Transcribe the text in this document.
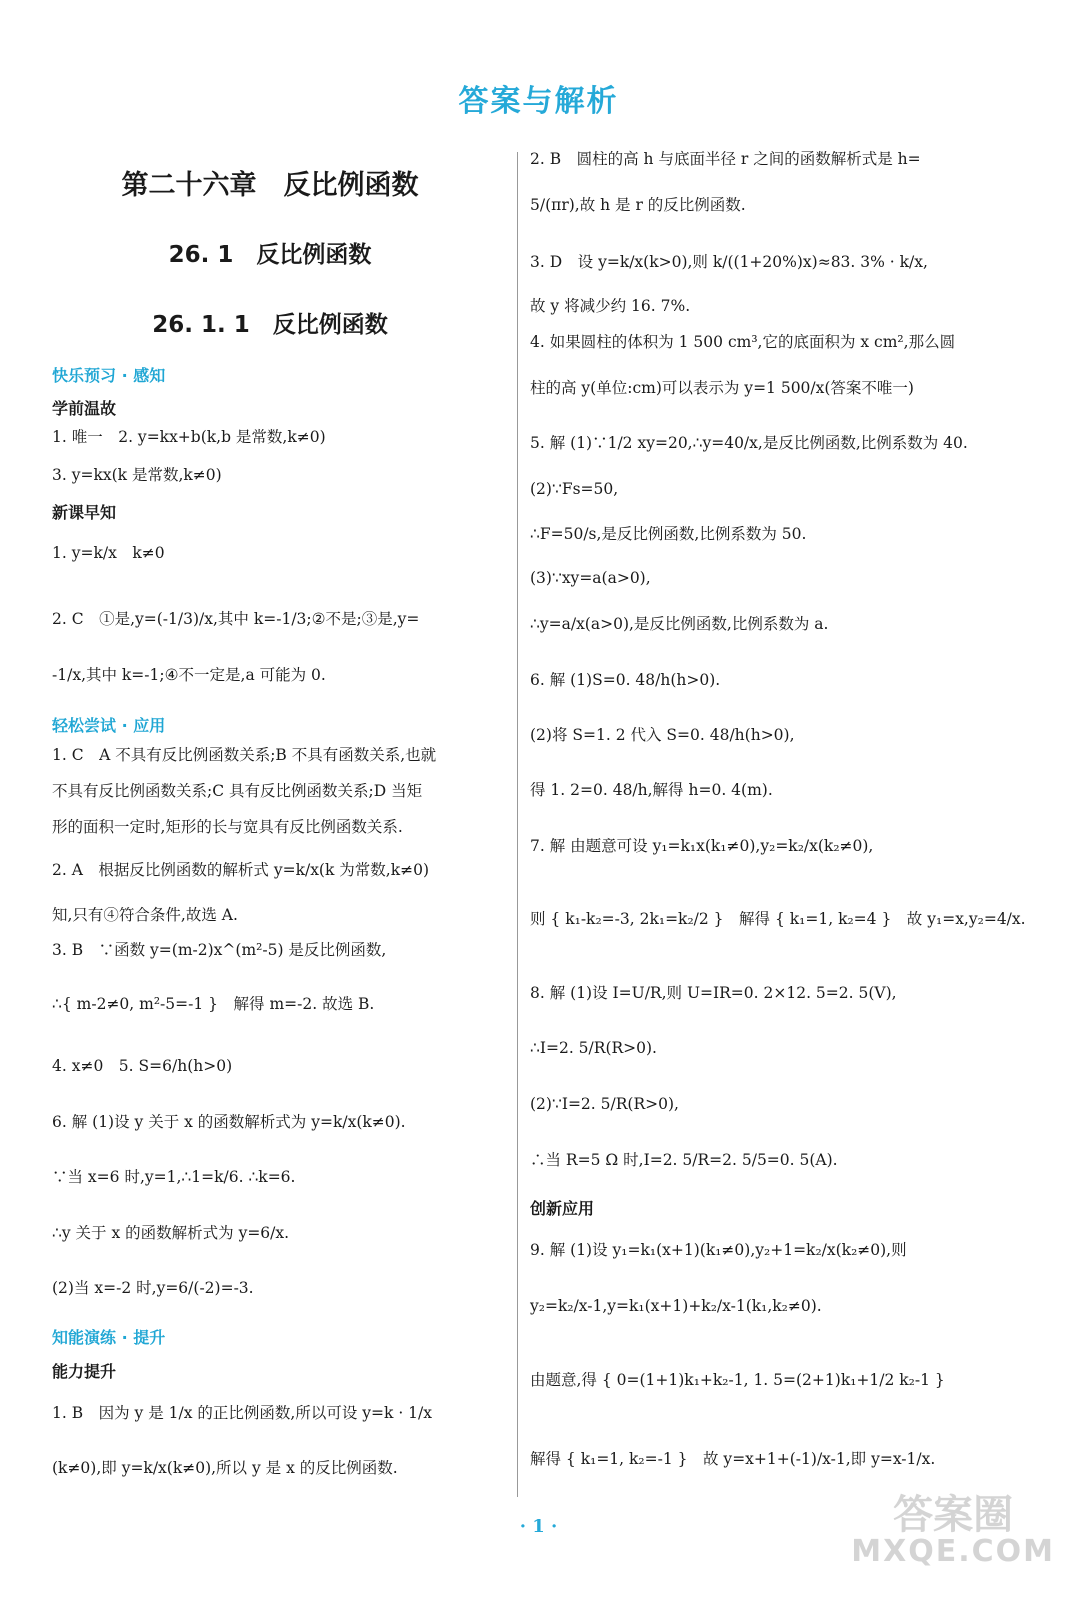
答案与解析
第二十六章　反比例函数
26. 1　反比例函数
26. 1. 1　反比例函数
快乐预习 · 感知
学前温故
1. 唯一　2. y=kx+b(k,b 是常数,k≠0)
3. y=kx(k 是常数,k≠0)
新课早知
1. y=k/x　k≠0
2. C　①是,y=(-1/3)/x,其中 k=-1/3;②不是;③是,y=
-1/x,其中 k=-1;④不一定是,a 可能为 0.
轻松尝试 · 应用
1. C　A 不具有反比例函数关系;B 不具有函数关系,也就
不具有反比例函数关系;C 具有反比例函数关系;D 当矩
形的面积一定时,矩形的长与宽具有反比例函数关系.
2. A　根据反比例函数的解析式 y=k/x(k 为常数,k≠0)
知,只有④符合条件,故选 A.
3. B　∵函数 y=(m-2)x^(m²-5) 是反比例函数,
∴{ m-2≠0, m²-5=-1 }　解得 m=-2. 故选 B.
4. x≠0　5. S=6/h(h>0)
6. 解 (1)设 y 关于 x 的函数解析式为 y=k/x(k≠0).
∵当 x=6 时,y=1,∴1=k/6. ∴k=6.
∴y 关于 x 的函数解析式为 y=6/x.
(2)当 x=-2 时,y=6/(-2)=-3.
知能演练 · 提升
能力提升
1. B　因为 y 是 1/x 的正比例函数,所以可设 y=k · 1/x
(k≠0),即 y=k/x(k≠0),所以 y 是 x 的反比例函数.
2. B　圆柱的高 h 与底面半径 r 之间的函数解析式是 h=
5/(πr),故 h 是 r 的反比例函数.
3. D　设 y=k/x(k>0),则 k/((1+20%)x)≈83. 3% · k/x,
故 y 将减少约 16. 7%.
4. 如果圆柱的体积为 1 500 cm³,它的底面积为 x cm²,那么圆
柱的高 y(单位:cm)可以表示为 y=1 500/x(答案不唯一)
5. 解 (1)∵1/2 xy=20,∴y=40/x,是反比例函数,比例系数为 40.
(2)∵Fs=50,
∴F=50/s,是反比例函数,比例系数为 50.
(3)∵xy=a(a>0),
∴y=a/x(a>0),是反比例函数,比例系数为 a.
6. 解 (1)S=0. 48/h(h>0).
(2)将 S=1. 2 代入 S=0. 48/h(h>0),
得 1. 2=0. 48/h,解得 h=0. 4(m).
7. 解 由题意可设 y₁=k₁x(k₁≠0),y₂=k₂/x(k₂≠0),
则 { k₁-k₂=-3, 2k₁=k₂/2 }　解得 { k₁=1, k₂=4 }　故 y₁=x,y₂=4/x.
8. 解 (1)设 I=U/R,则 U=IR=0. 2×12. 5=2. 5(V),
∴I=2. 5/R(R>0).
(2)∵I=2. 5/R(R>0),
∴当 R=5 Ω 时,I=2. 5/R=2. 5/5=0. 5(A).
创新应用
9. 解 (1)设 y₁=k₁(x+1)(k₁≠0),y₂+1=k₂/x(k₂≠0),则
y₂=k₂/x-1,y=k₁(x+1)+k₂/x-1(k₁,k₂≠0).
由题意,得 { 0=(1+1)k₁+k₂-1, 1. 5=(2+1)k₁+1/2 k₂-1 }
解得 { k₁=1, k₂=-1 }　故 y=x+1+(-1)/x-1,即 y=x-1/x.
· 1 ·	答案圈
MXQE.COM
